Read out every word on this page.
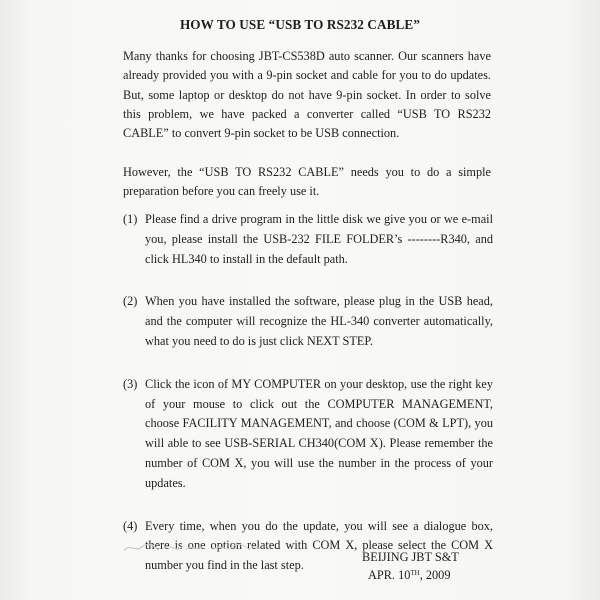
HOW TO USE “USB TO RS232 CABLE”

Many thanks for choosing JBT-CS538D auto scanner. Our scanners have already provided you with a 9-pin socket and cable for you to do updates. But, some laptop or desktop do not have 9-pin socket. In order to solve this problem, we have packed a converter called “USB TO RS232 CABLE” to convert 9-pin socket to be USB connection.

However, the “USB TO RS232 CABLE” needs you to do a simple preparation before you can freely use it.

(1) Please find a drive program in the little disk we give you or we e-mail you, please install the USB-232 FILE FOLDER’s --------R340, and click HL340 to install in the default path.
(2) When you have installed the software, please plug in the USB head, and the computer will recognize the HL-340 converter automatically, what you need to do is just click NEXT STEP.
(3) Click the icon of MY COMPUTER on your desktop, use the right key of your mouse to click out the COMPUTER MANAGEMENT, choose FACILITY MANAGEMENT, and choose (COM & LPT), you will able to see USB-SERIAL CH340(COM X). Please remember the number of COM X, you will use the number in the process of your updates.
(4) Every time, when you do the update, you will see a dialogue box, there is one option related with COM X, please select the COM X number you find in the last step.
BEIJING JBT S&T
APR. 10TH, 2009
